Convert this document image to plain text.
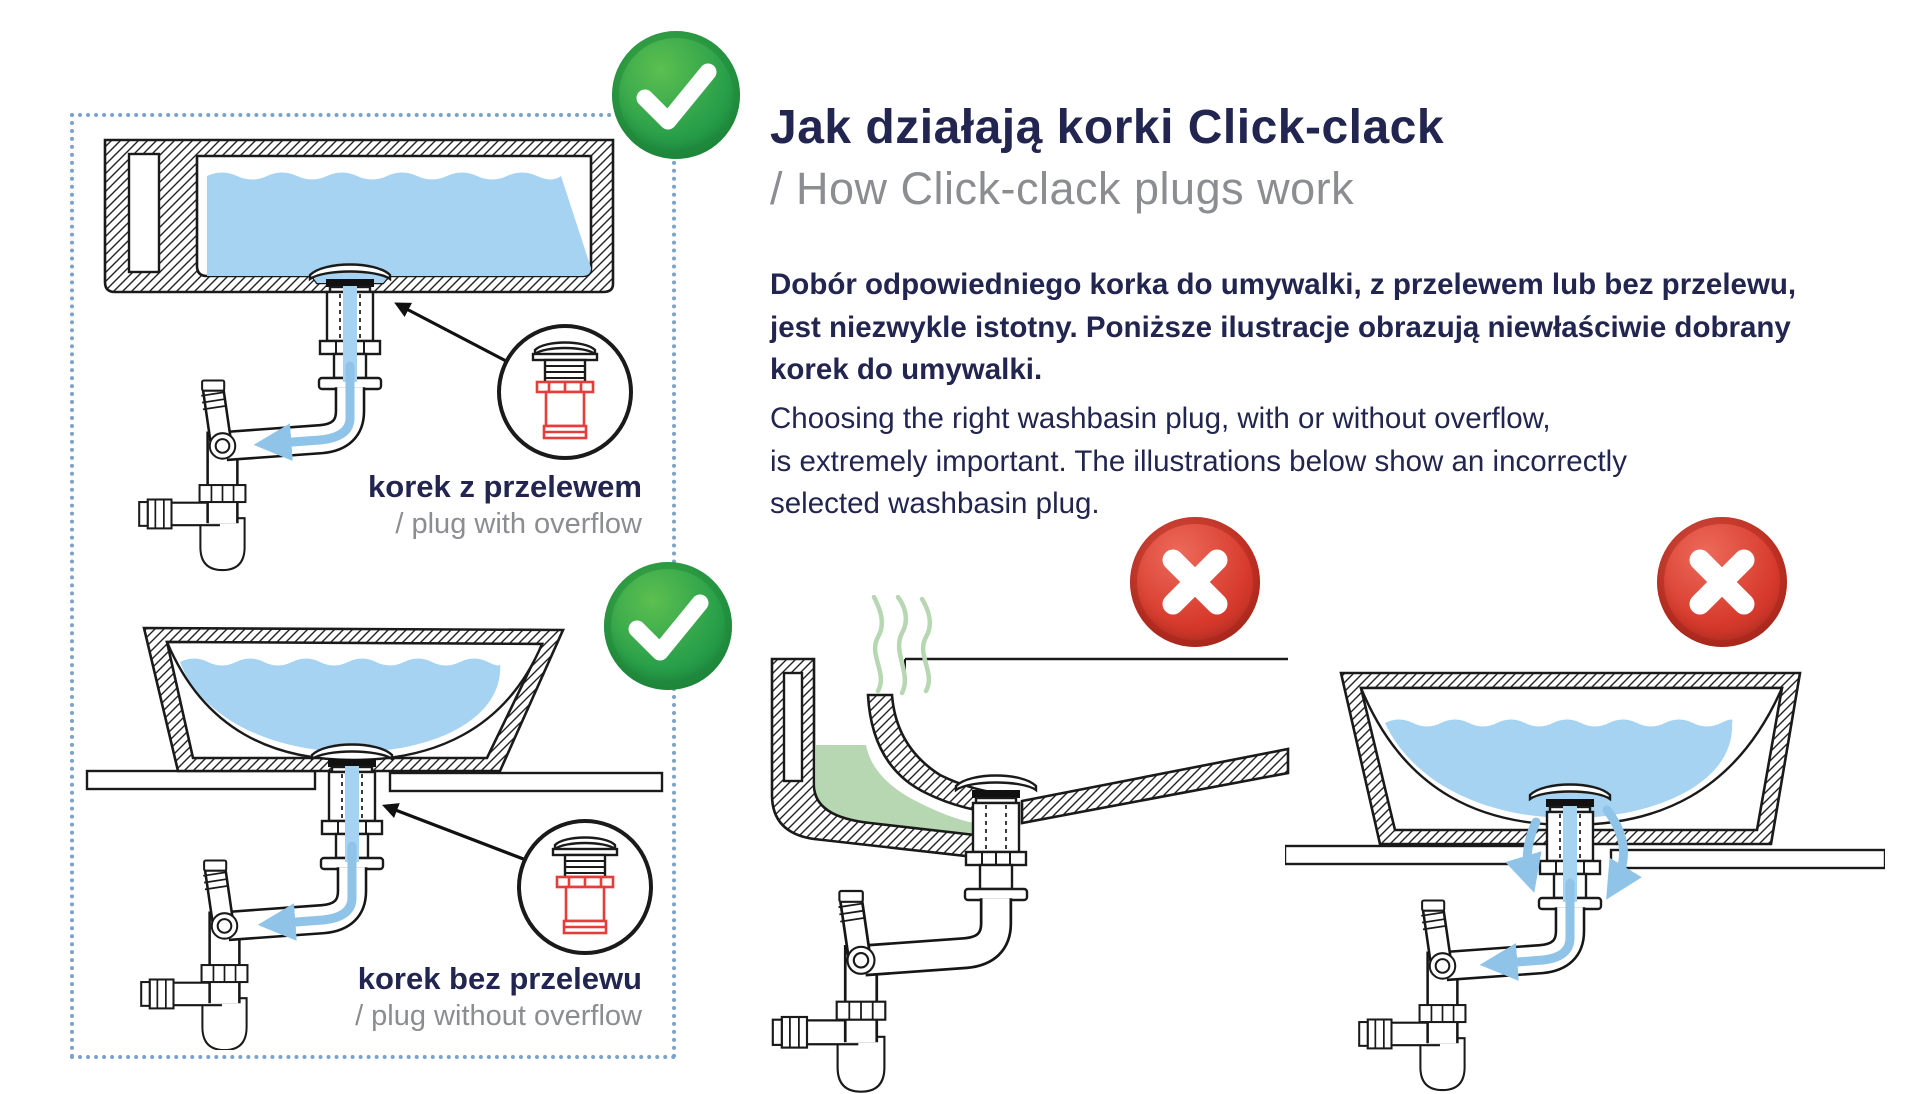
korek z przelewem
/ plug with overflow
korek bez przelewu
/ plug without overflow
Jak działają korki Click-clack
/ How Click-clack plugs work
Dobór odpowiedniego korka do umywalki, z przelewem lub bez przelewu,
jest niezwykle istotny. Poniższe ilustracje obrazują niewłaściwie dobrany
korek do umywalki.
Choosing the right washbasin plug, with or without overflow,
is extremely important. The illustrations below show an incorrectly
selected washbasin plug.
